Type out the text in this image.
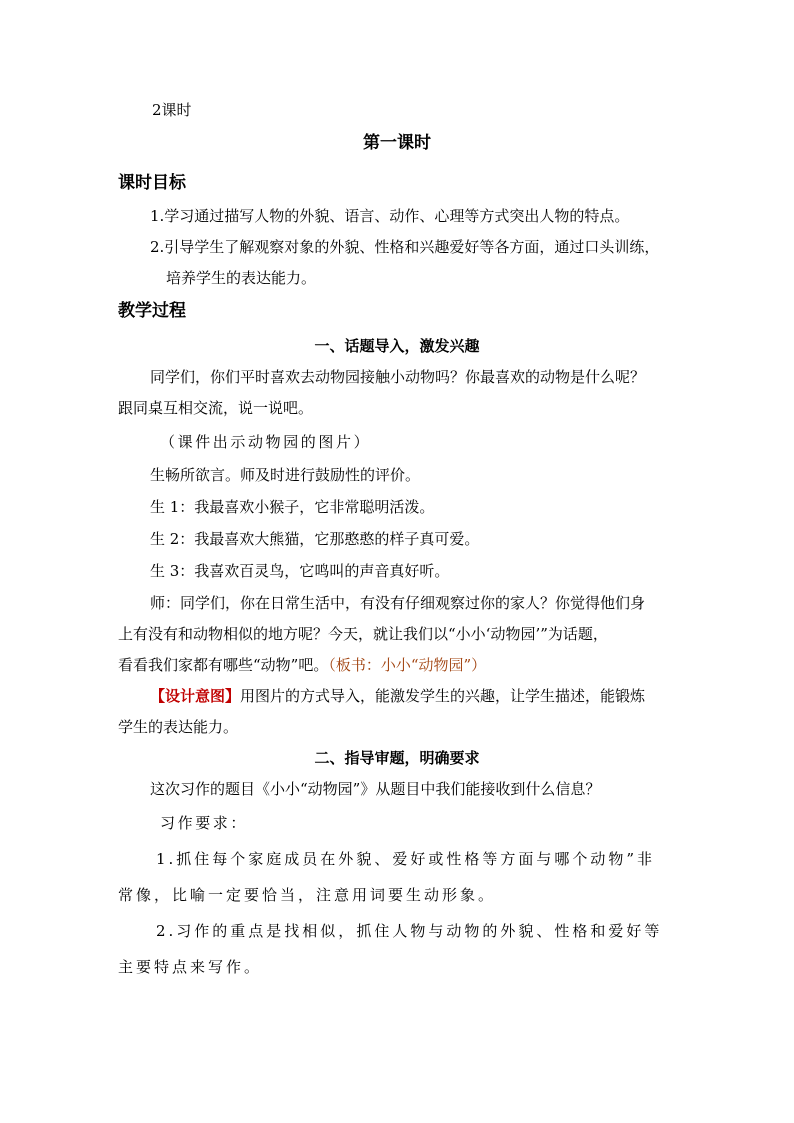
2课时
第一课时
课时目标
1.学习通过描写人物的外貌、语言、动作、心理等方式突出人物的特点。
2.引导学生了解观察对象的外貌、性格和兴趣爱好等各方面，通过口头训练，
培养学生的表达能力。
教学过程
一、话题导入，激发兴趣
同学们，你们平时喜欢去动物园接触小动物吗？你最喜欢的动物是什么呢？
跟同桌互相交流，说一说吧。
（课件出示动物园的图片）
生畅所欲言。师及时进行鼓励性的评价。
生 1：我最喜欢小猴子，它非常聪明活泼。
生 2：我最喜欢大熊猫，它那憨憨的样子真可爱。
生 3：我喜欢百灵鸟，它鸣叫的声音真好听。
师：同学们，你在日常生活中，有没有仔细观察过你的家人？你觉得他们身
上有没有和动物相似的地方呢？今天，就让我们以“小小‘动物园’”为话题，
看看我们家都有哪些“动物”吧。（板书：小小“动物园”）
【设计意图】用图片的方式导入，能激发学生的兴趣，让学生描述，能锻炼
学生的表达能力。
二、指导审题，明确要求
这次习作的题目《小小“动物园”》从题目中我们能接收到什么信息？
习作要求：
1.抓住每个家庭成员在外貌、爱好或性格等方面与哪个动物”非
常像，比喻一定要恰当，注意用词要生动形象。
2.习作的重点是找相似，抓住人物与动物的外貌、性格和爱好等
主要特点来写作。
